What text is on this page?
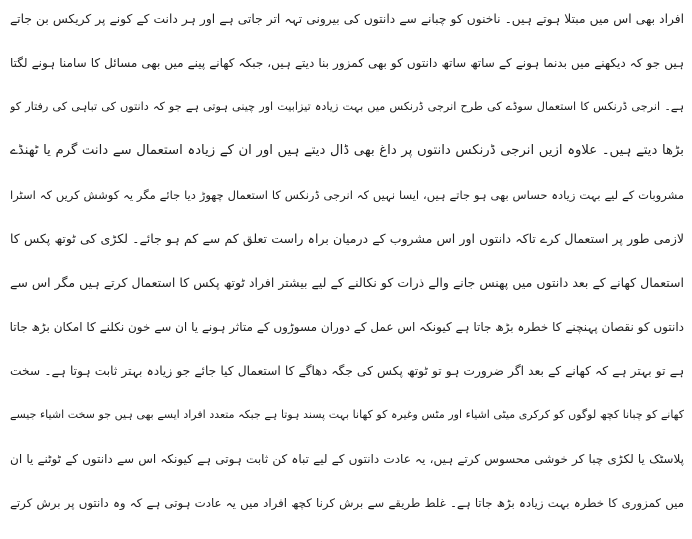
افراد بھی اس میں مبتلا ہوتے ہیں۔ ناخنوں کو چبانے سے دانتوں کی بیرونی تہہ اتر جاتی ہے اور ہر دانت کے کونے پر کریکس بن جاتے
ہیں جو کہ دیکھنے میں بدنما ہونے کے ساتھ ساتھ دانتوں کو بھی کمزور بنا دیتے ہیں، جبکہ کھانے پینے میں بھی مسائل کا سامنا ہونے لگتا
ہے۔ انرجی ڈرنکس کا استعمال سوڈے کی طرح انرجی ڈرنکس میں بہت زیادہ تیزابیت اور چینی ہوتی ہے جو کہ دانتوں کی تباہی کی رفتار کو
بڑھا دیتے ہیں۔ علاوہ ازیں انرجی ڈرنکس دانتوں پر داغ بھی ڈال دیتے ہیں اور ان کے زیادہ استعمال سے دانت گرم یا ٹھنڈے
مشروبات کے لیے بہت زیادہ حساس بھی ہو جاتے ہیں، ایسا نہیں کہ انرجی ڈرنکس کا استعمال چھوڑ دیا جائے مگر یہ کوشش کریں کہ اسٹرا
لازمی طور پر استعمال کرے تاکہ دانتوں اور اس مشروب کے درمیان براہ راست تعلق کم سے کم ہو جائے۔ لکڑی کی ٹوتھ پکس کا
استعمال کھانے کے بعد دانتوں میں پھنس جانے والے ذرات کو نکالنے کے لیے بیشتر افراد ٹوتھ پکس کا استعمال کرتے ہیں مگر اس سے
دانتوں کو نقصان پہنچنے کا خطرہ بڑھ جاتا ہے کیونکہ اس عمل کے دوران مسوڑوں کے متاثر ہونے یا ان سے خون نکلنے کا امکان بڑھ جاتا
ہے تو بہتر ہے کہ کھانے کے بعد اگر ضرورت ہو تو ٹوتھ پکس کی جگہ دھاگے کا استعمال کیا جائے جو زیادہ بہتر ثابت ہوتا ہے۔ سخت
کھانے کو چبانا کچھ لوگوں کو کرکری میٹی اشیاء اور مٹس وغیرہ کو کھانا بہت پسند ہوتا ہے جبکہ متعدد افراد ایسے بھی ہیں جو سخت اشیاء جیسے
پلاسٹک یا لکڑی چبا کر خوشی محسوس کرتے ہیں، یہ عادت دانتوں کے لیے تباہ کن ثابت ہوتی ہے کیونکہ اس سے دانتوں کے ٹوٹنے یا ان
میں کمزوری کا خطرہ بہت زیادہ بڑھ جاتا ہے۔ غلط طریقے سے برش کرنا کچھ افراد میں یہ عادت ہوتی ہے کہ وہ دانتوں پر برش کرتے
